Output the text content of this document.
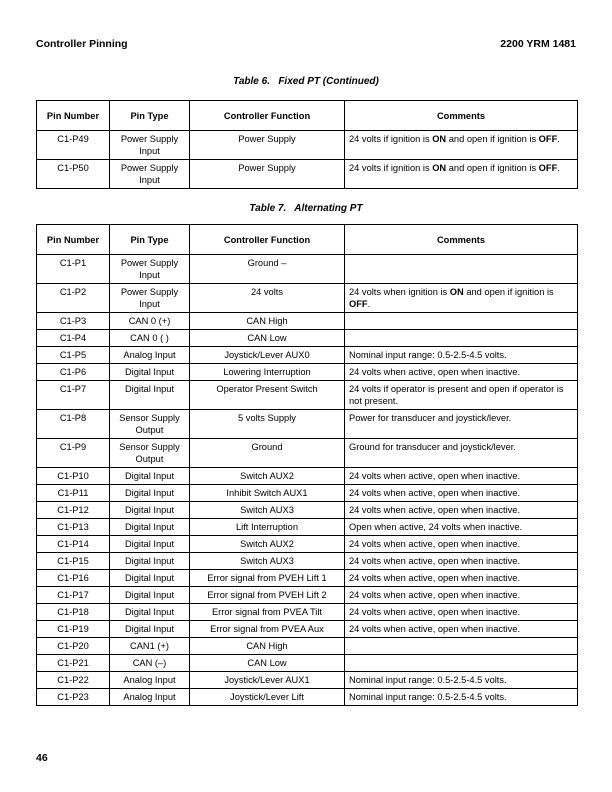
Controller Pinning	2200 YRM 1481
Table 6. Fixed PT (Continued)
Pin Number	Pin Type	Controller Function	Comments
C1-P49	Power Supply Input	Power Supply	24 volts if ignition is ON and open if ignition is OFF.
C1-P50	Power Supply Input	Power Supply	24 volts if ignition is ON and open if ignition is OFF.
Table 7. Alternating PT
Pin Number	Pin Type	Controller Function	Comments
C1-P1	Power Supply Input	Ground –	
C1-P2	Power Supply Input	24 volts	24 volts when ignition is ON and open if ignition is OFF.
C1-P3	CAN 0 (+)	CAN High	
C1-P4	CAN 0 ( )	CAN Low	
C1-P5	Analog Input	Joystick/Lever AUX0	Nominal input range: 0.5-2.5-4.5 volts.
C1-P6	Digital Input	Lowering Interruption	24 volts when active, open when inactive.
C1-P7	Digital Input	Operator Present Switch	24 volts if operator is present and open if operator is not present.
C1-P8	Sensor Supply Output	5 volts Supply	Power for transducer and joystick/lever.
C1-P9	Sensor Supply Output	Ground	Ground for transducer and joystick/lever.
C1-P10	Digital Input	Switch AUX2	24 volts when active, open when inactive.
C1-P11	Digital Input	Inhibit Switch AUX1	24 volts when active, open when inactive.
C1-P12	Digital Input	Switch AUX3	24 volts when active, open when inactive.
C1-P13	Digital Input	Lift Interruption	Open when active, 24 volts when inactive.
C1-P14	Digital Input	Switch AUX2	24 volts when active, open when inactive.
C1-P15	Digital Input	Switch AUX3	24 volts when active, open when inactive.
C1-P16	Digital Input	Error signal from PVEH Lift 1	24 volts when active, open when inactive.
C1-P17	Digital Input	Error signal from PVEH Lift 2	24 volts when active, open when inactive.
C1-P18	Digital Input	Error signal from PVEA Tilt	24 volts when active, open when inactive.
C1-P19	Digital Input	Error signal from PVEA Aux	24 volts when active, open when inactive.
C1-P20	CAN1 (+)	CAN High	
C1-P21	CAN (–)	CAN Low	
C1-P22	Analog Input	Joystick/Lever AUX1	Nominal input range: 0.5-2.5-4.5 volts.
C1-P23	Analog Input	Joystick/Lever Lift	Nominal input range: 0.5-2.5-4.5 volts.
46
